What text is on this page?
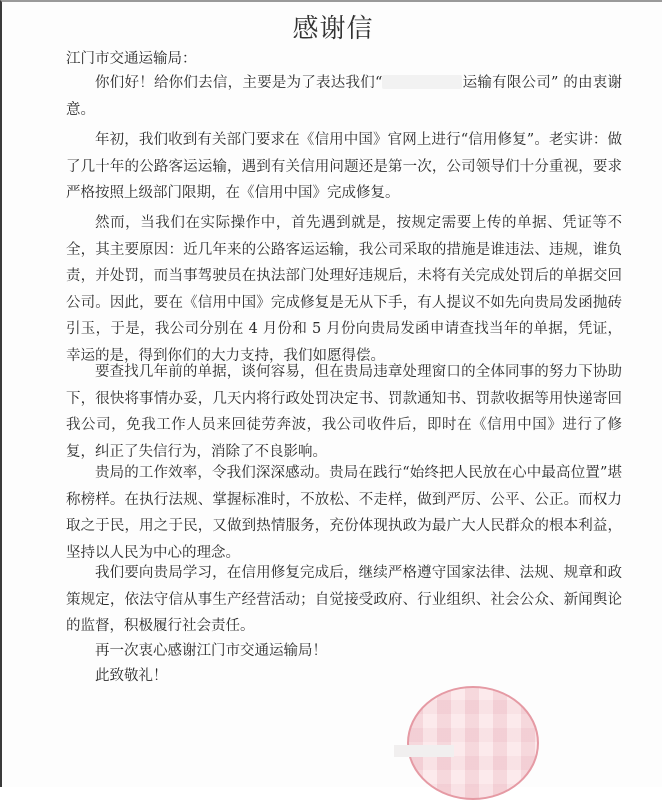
感谢信
江门市交通运输局：
你们好！给你们去信，主要是为了表达我们“	运输有限公司” 的由衷谢意。
年初，我们收到有关部门要求在《信用中国》官网上进行“信用修复”。老实讲：做了几十年的公路客运运输，遇到有关信用问题还是第一次，公司领导们十分重视，要求严格按照上级部门限期，在《信用中国》完成修复。
然而，当我们在实际操作中，首先遇到就是，按规定需要上传的单据、凭证等不全，其主要原因：近几年来的公路客运运输，我公司采取的措施是谁违法、违规，谁负责，并处罚，而当事驾驶员在执法部门处理好违规后，未将有关完成处罚后的单据交回公司。因此，要在《信用中国》完成修复是无从下手，有人提议不如先向贵局发函抛砖引玉，于是，我公司分别在 4 月份和 5 月份向贵局发函申请查找当年的单据，凭证，幸运的是，得到你们的大力支持，我们如愿得偿。
要查找几年前的单据，谈何容易，但在贵局违章处理窗口的全体同事的努力下协助下，很快将事情办妥，几天内将行政处罚决定书、罚款通知书、罚款收据等用快递寄回我公司，免我工作人员来回徒劳奔波，我公司收件后，即时在《信用中国》进行了修复，纠正了失信行为，消除了不良影响。
贵局的工作效率，令我们深深感动。贵局在践行“始终把人民放在心中最高位置”堪称榜样。在执行法规、掌握标准时，不放松、不走样，做到严厉、公平、公正。而权力取之于民，用之于民，又做到热情服务，充份体现执政为最广大人民群众的根本利益，坚持以人民为中心的理念。
我们要向贵局学习，在信用修复完成后，继续严格遵守国家法律、法规、规章和政策规定，依法守信从事生产经营活动；自觉接受政府、行业组织、社会公众、新闻舆论的监督，积极履行社会责任。
再一次衷心感谢江门市交通运输局！
此致敬礼！
